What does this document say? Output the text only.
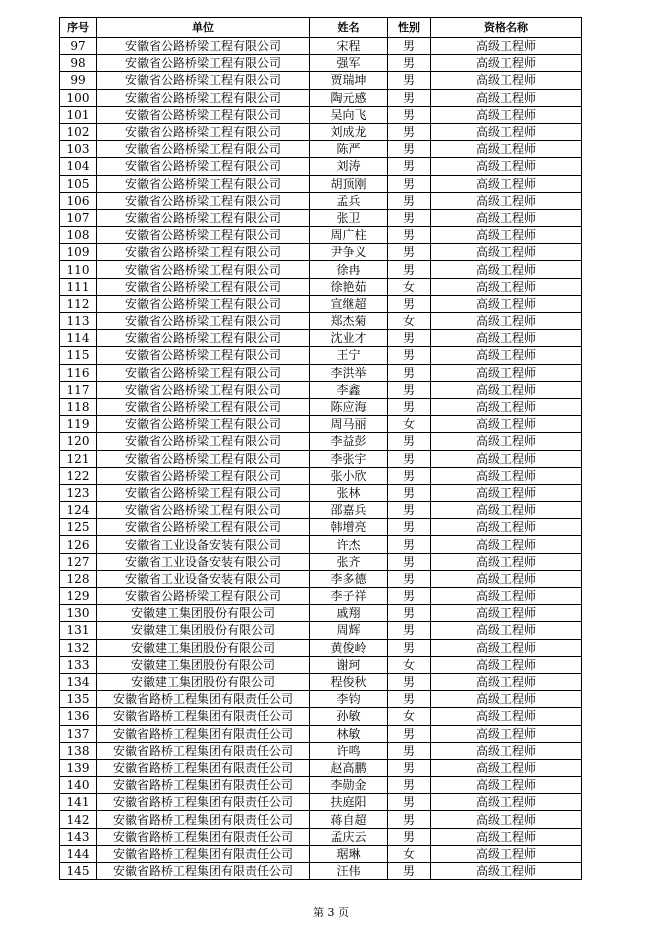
序号	单位	姓名	性别	资格名称
97	安徽省公路桥梁工程有限公司	宋程	男	高级工程师
98	安徽省公路桥梁工程有限公司	强军	男	高级工程师
99	安徽省公路桥梁工程有限公司	贾瑞坤	男	高级工程师
100	安徽省公路桥梁工程有限公司	陶元感	男	高级工程师
101	安徽省公路桥梁工程有限公司	吴向飞	男	高级工程师
102	安徽省公路桥梁工程有限公司	刘成龙	男	高级工程师
103	安徽省公路桥梁工程有限公司	陈严	男	高级工程师
104	安徽省公路桥梁工程有限公司	刘涛	男	高级工程师
105	安徽省公路桥梁工程有限公司	胡顶刚	男	高级工程师
106	安徽省公路桥梁工程有限公司	孟兵	男	高级工程师
107	安徽省公路桥梁工程有限公司	张卫	男	高级工程师
108	安徽省公路桥梁工程有限公司	周广柱	男	高级工程师
109	安徽省公路桥梁工程有限公司	尹争义	男	高级工程师
110	安徽省公路桥梁工程有限公司	徐冉	男	高级工程师
111	安徽省公路桥梁工程有限公司	徐艳茹	女	高级工程师
112	安徽省公路桥梁工程有限公司	宣继超	男	高级工程师
113	安徽省公路桥梁工程有限公司	郑杰菊	女	高级工程师
114	安徽省公路桥梁工程有限公司	沈业才	男	高级工程师
115	安徽省公路桥梁工程有限公司	王宁	男	高级工程师
116	安徽省公路桥梁工程有限公司	李洪举	男	高级工程师
117	安徽省公路桥梁工程有限公司	李鑫	男	高级工程师
118	安徽省公路桥梁工程有限公司	陈应海	男	高级工程师
119	安徽省公路桥梁工程有限公司	周马丽	女	高级工程师
120	安徽省公路桥梁工程有限公司	李益彭	男	高级工程师
121	安徽省公路桥梁工程有限公司	李张宇	男	高级工程师
122	安徽省公路桥梁工程有限公司	张小欣	男	高级工程师
123	安徽省公路桥梁工程有限公司	张林	男	高级工程师
124	安徽省公路桥梁工程有限公司	邵嘉兵	男	高级工程师
125	安徽省公路桥梁工程有限公司	韩增亮	男	高级工程师
126	安徽省工业设备安装有限公司	许杰	男	高级工程师
127	安徽省工业设备安装有限公司	张齐	男	高级工程师
128	安徽省工业设备安装有限公司	李多德	男	高级工程师
129	安徽省公路桥梁工程有限公司	李子祥	男	高级工程师
130	安徽建工集团股份有限公司	戚翔	男	高级工程师
131	安徽建工集团股份有限公司	周辉	男	高级工程师
132	安徽建工集团股份有限公司	黄俊岭	男	高级工程师
133	安徽建工集团股份有限公司	谢珂	女	高级工程师
134	安徽建工集团股份有限公司	程俊秋	男	高级工程师
135	安徽省路桥工程集团有限责任公司	李钧	男	高级工程师
136	安徽省路桥工程集团有限责任公司	孙敏	女	高级工程师
137	安徽省路桥工程集团有限责任公司	林敏	男	高级工程师
138	安徽省路桥工程集团有限责任公司	许鸣	男	高级工程师
139	安徽省路桥工程集团有限责任公司	赵高鹏	男	高级工程师
140	安徽省路桥工程集团有限责任公司	李勋金	男	高级工程师
141	安徽省路桥工程集团有限责任公司	扶庭阳	男	高级工程师
142	安徽省路桥工程集团有限责任公司	蒋自超	男	高级工程师
143	安徽省路桥工程集团有限责任公司	孟庆云	男	高级工程师
144	安徽省路桥工程集团有限责任公司	琚琳	女	高级工程师
145	安徽省路桥工程集团有限责任公司	汪伟	男	高级工程师
第 3 页
